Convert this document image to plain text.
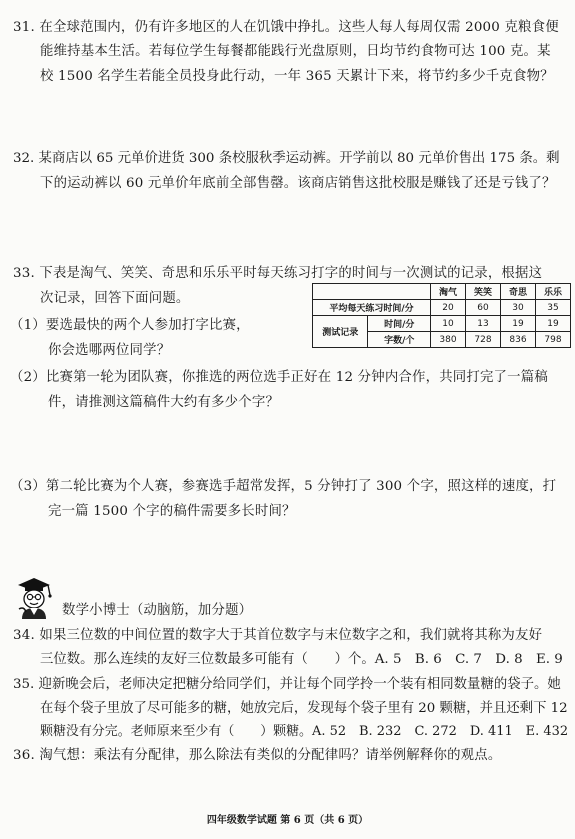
31. 在全球范围内，仍有许多地区的人在饥饿中挣扎。这些人每人每周仅需 2000 克粮食便
能维持基本生活。若每位学生每餐都能践行光盘原则，日均节约食物可达 100 克。某
校 1500 名学生若能全员投身此行动，一年 365 天累计下来，将节约多少千克食物？
32. 某商店以 65 元单价进货 300 条校服秋季运动裤。开学前以 80 元单价售出 175 条。剩
下的运动裤以 60 元单价年底前全部售罄。该商店销售这批校服是赚钱了还是亏钱了？
33. 下表是淘气、笑笑、奇思和乐乐平时每天练习打字的时间与一次测试的记录，根据这
次记录，回答下面问题。
（1）要选最快的两个人参加打字比赛，
你会选哪两位同学？
（2）比赛第一轮为团队赛，你推选的两位选手正好在 12 分钟内合作，共同打完了一篇稿
件，请推测这篇稿件大约有多少个字？
（3）第二轮比赛为个人赛，参赛选手超常发挥，5 分钟打了 300 个字，照这样的速度，打
完一篇 1500 个字的稿件需要多长时间？
		淘气	笑笑	奇思	乐乐
平均每天练习时间/分		20	60	30	35
测试记录	时间/分	10	13	19	19
	字数/个	380	728	836	798
数学小博士（动脑筋，加分题）
34. 如果三位数的中间位置的数字大于其首位数字与末位数字之和，我们就将其称为友好
三位数。那么连续的友好三位数最多可能有（　　）个。A. 5　B. 6　C. 7　D. 8　E. 9
35. 迎新晚会后，老师决定把糖分给同学们，并让每个同学拎一个装有相同数量糖的袋子。她
在每个袋子里放了尽可能多的糖，她放完后，发现每个袋子里有 20 颗糖，并且还剩下 12
颗糖没有分完。老师原来至少有（　　）颗糖。A. 52　B. 232　C. 272　D. 411　E. 432
36. 淘气想：乘法有分配律，那么除法有类似的分配律吗？请举例解释你的观点。
四年级数学试题 第 6 页（共 6 页）
